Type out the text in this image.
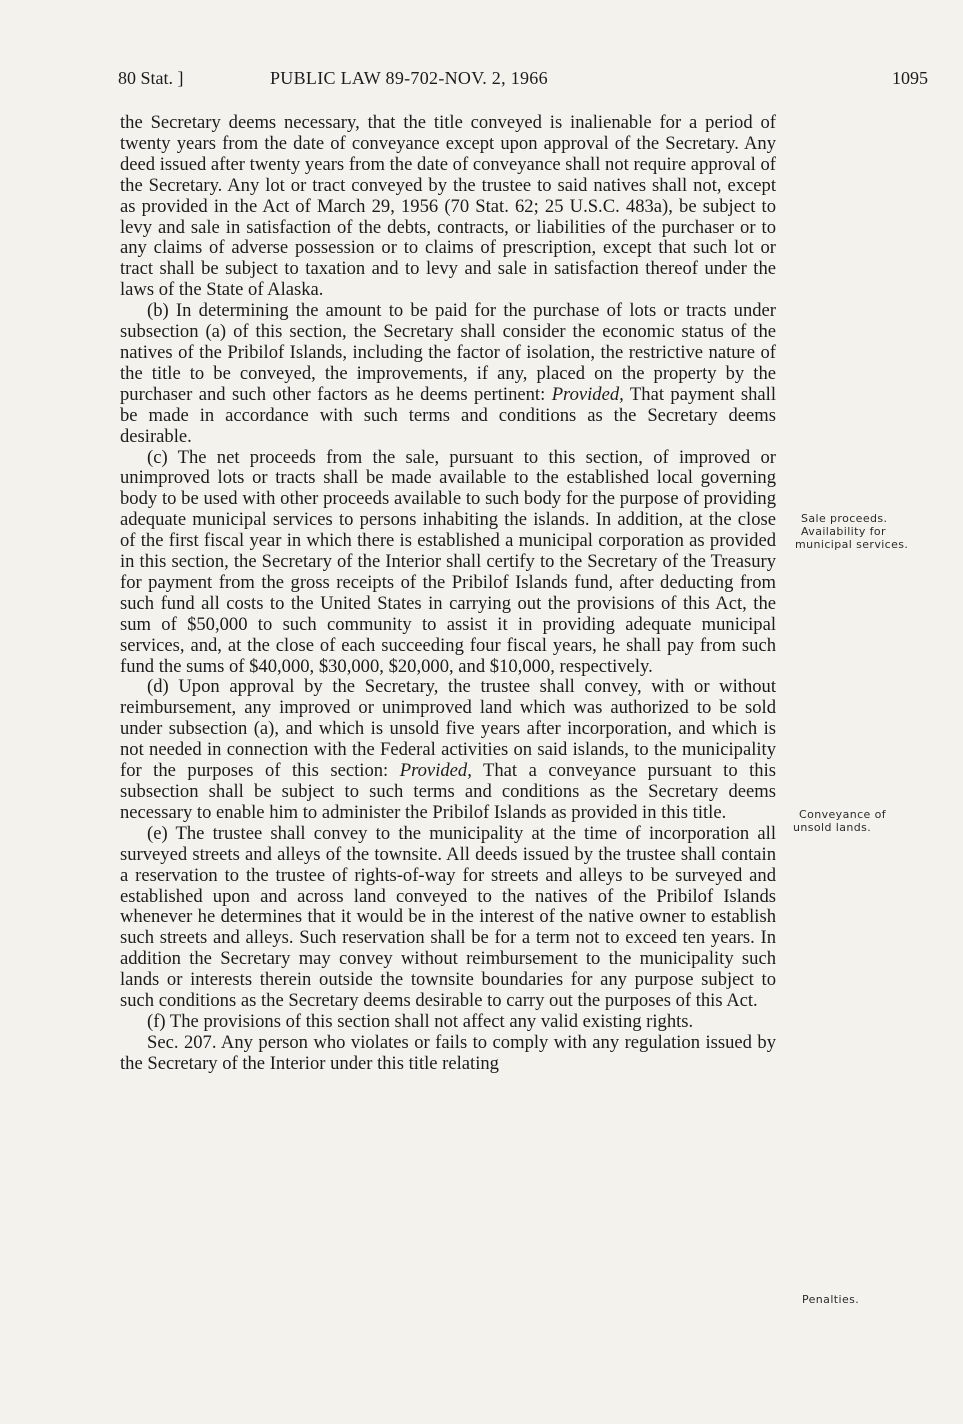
80 Stat. ]	PUBLIC LAW 89-702-NOV. 2, 1966	1095

the Secretary deems necessary, that the title conveyed is inalienable for a period of twenty years from the date of conveyance except upon approval of the Secretary. Any deed issued after twenty years from the date of conveyance shall not require approval of the Secretary. Any lot or tract conveyed by the trustee to said natives shall not, except as provided in the Act of March 29, 1956 (70 Stat. 62; 25 U.S.C. 483a), be subject to levy and sale in satisfaction of the debts, contracts, or liabilities of the purchaser or to any claims of adverse possession or to claims of prescription, except that such lot or tract shall be subject to taxation and to levy and sale in satisfaction thereof under the laws of the State of Alaska.

(b) In determining the amount to be paid for the purchase of lots or tracts under subsection (a) of this section, the Secretary shall consider the economic status of the natives of the Pribilof Islands, including the factor of isolation, the restrictive nature of the title to be conveyed, the improvements, if any, placed on the property by the purchaser and such other factors as he deems pertinent: Provided, That payment shall be made in accordance with such terms and conditions as the Secretary deems desirable.

(c) The net proceeds from the sale, pursuant to this section, of improved or unimproved lots or tracts shall be made available to the established local governing body to be used with other proceeds available to such body for the purpose of providing adequate municipal services to persons inhabiting the islands. In addition, at the close of the first fiscal year in which there is established a municipal corporation as provided in this section, the Secretary of the Interior shall certify to the Secretary of the Treasury for payment from the gross receipts of the Pribilof Islands fund, after deducting from such fund all costs to the United States in carrying out the provisions of this Act, the sum of $50,000 to such community to assist it in providing adequate municipal services, and, at the close of each succeeding four fiscal years, he shall pay from such fund the sums of $40,000, $30,000, $20,000, and $10,000, respectively.

(d) Upon approval by the Secretary, the trustee shall convey, with or without reimbursement, any improved or unimproved land which was authorized to be sold under subsection (a), and which is unsold five years after incorporation, and which is not needed in connection with the Federal activities on said islands, to the municipality for the purposes of this section: Provided, That a conveyance pursuant to this subsection shall be subject to such terms and conditions as the Secretary deems necessary to enable him to administer the Pribilof Islands as provided in this title.

(e) The trustee shall convey to the municipality at the time of incorporation all surveyed streets and alleys of the townsite. All deeds issued by the trustee shall contain a reservation to the trustee of rights-of-way for streets and alleys to be surveyed and established upon and across land conveyed to the natives of the Pribilof Islands whenever he determines that it would be in the interest of the native owner to establish such streets and alleys. Such reservation shall be for a term not to exceed ten years. In addition the Secretary may convey without reimbursement to the municipality such lands or interests therein outside the townsite boundaries for any purpose subject to such conditions as the Secretary deems desirable to carry out the purposes of this Act.

(f) The provisions of this section shall not affect any valid existing rights.

Sec. 207. Any person who violates or fails to comply with any regulation issued by the Secretary of the Interior under this title relating

Sale proceeds.
Availability for
municipal services.
Conveyance of
unsold lands.
Penalties.
